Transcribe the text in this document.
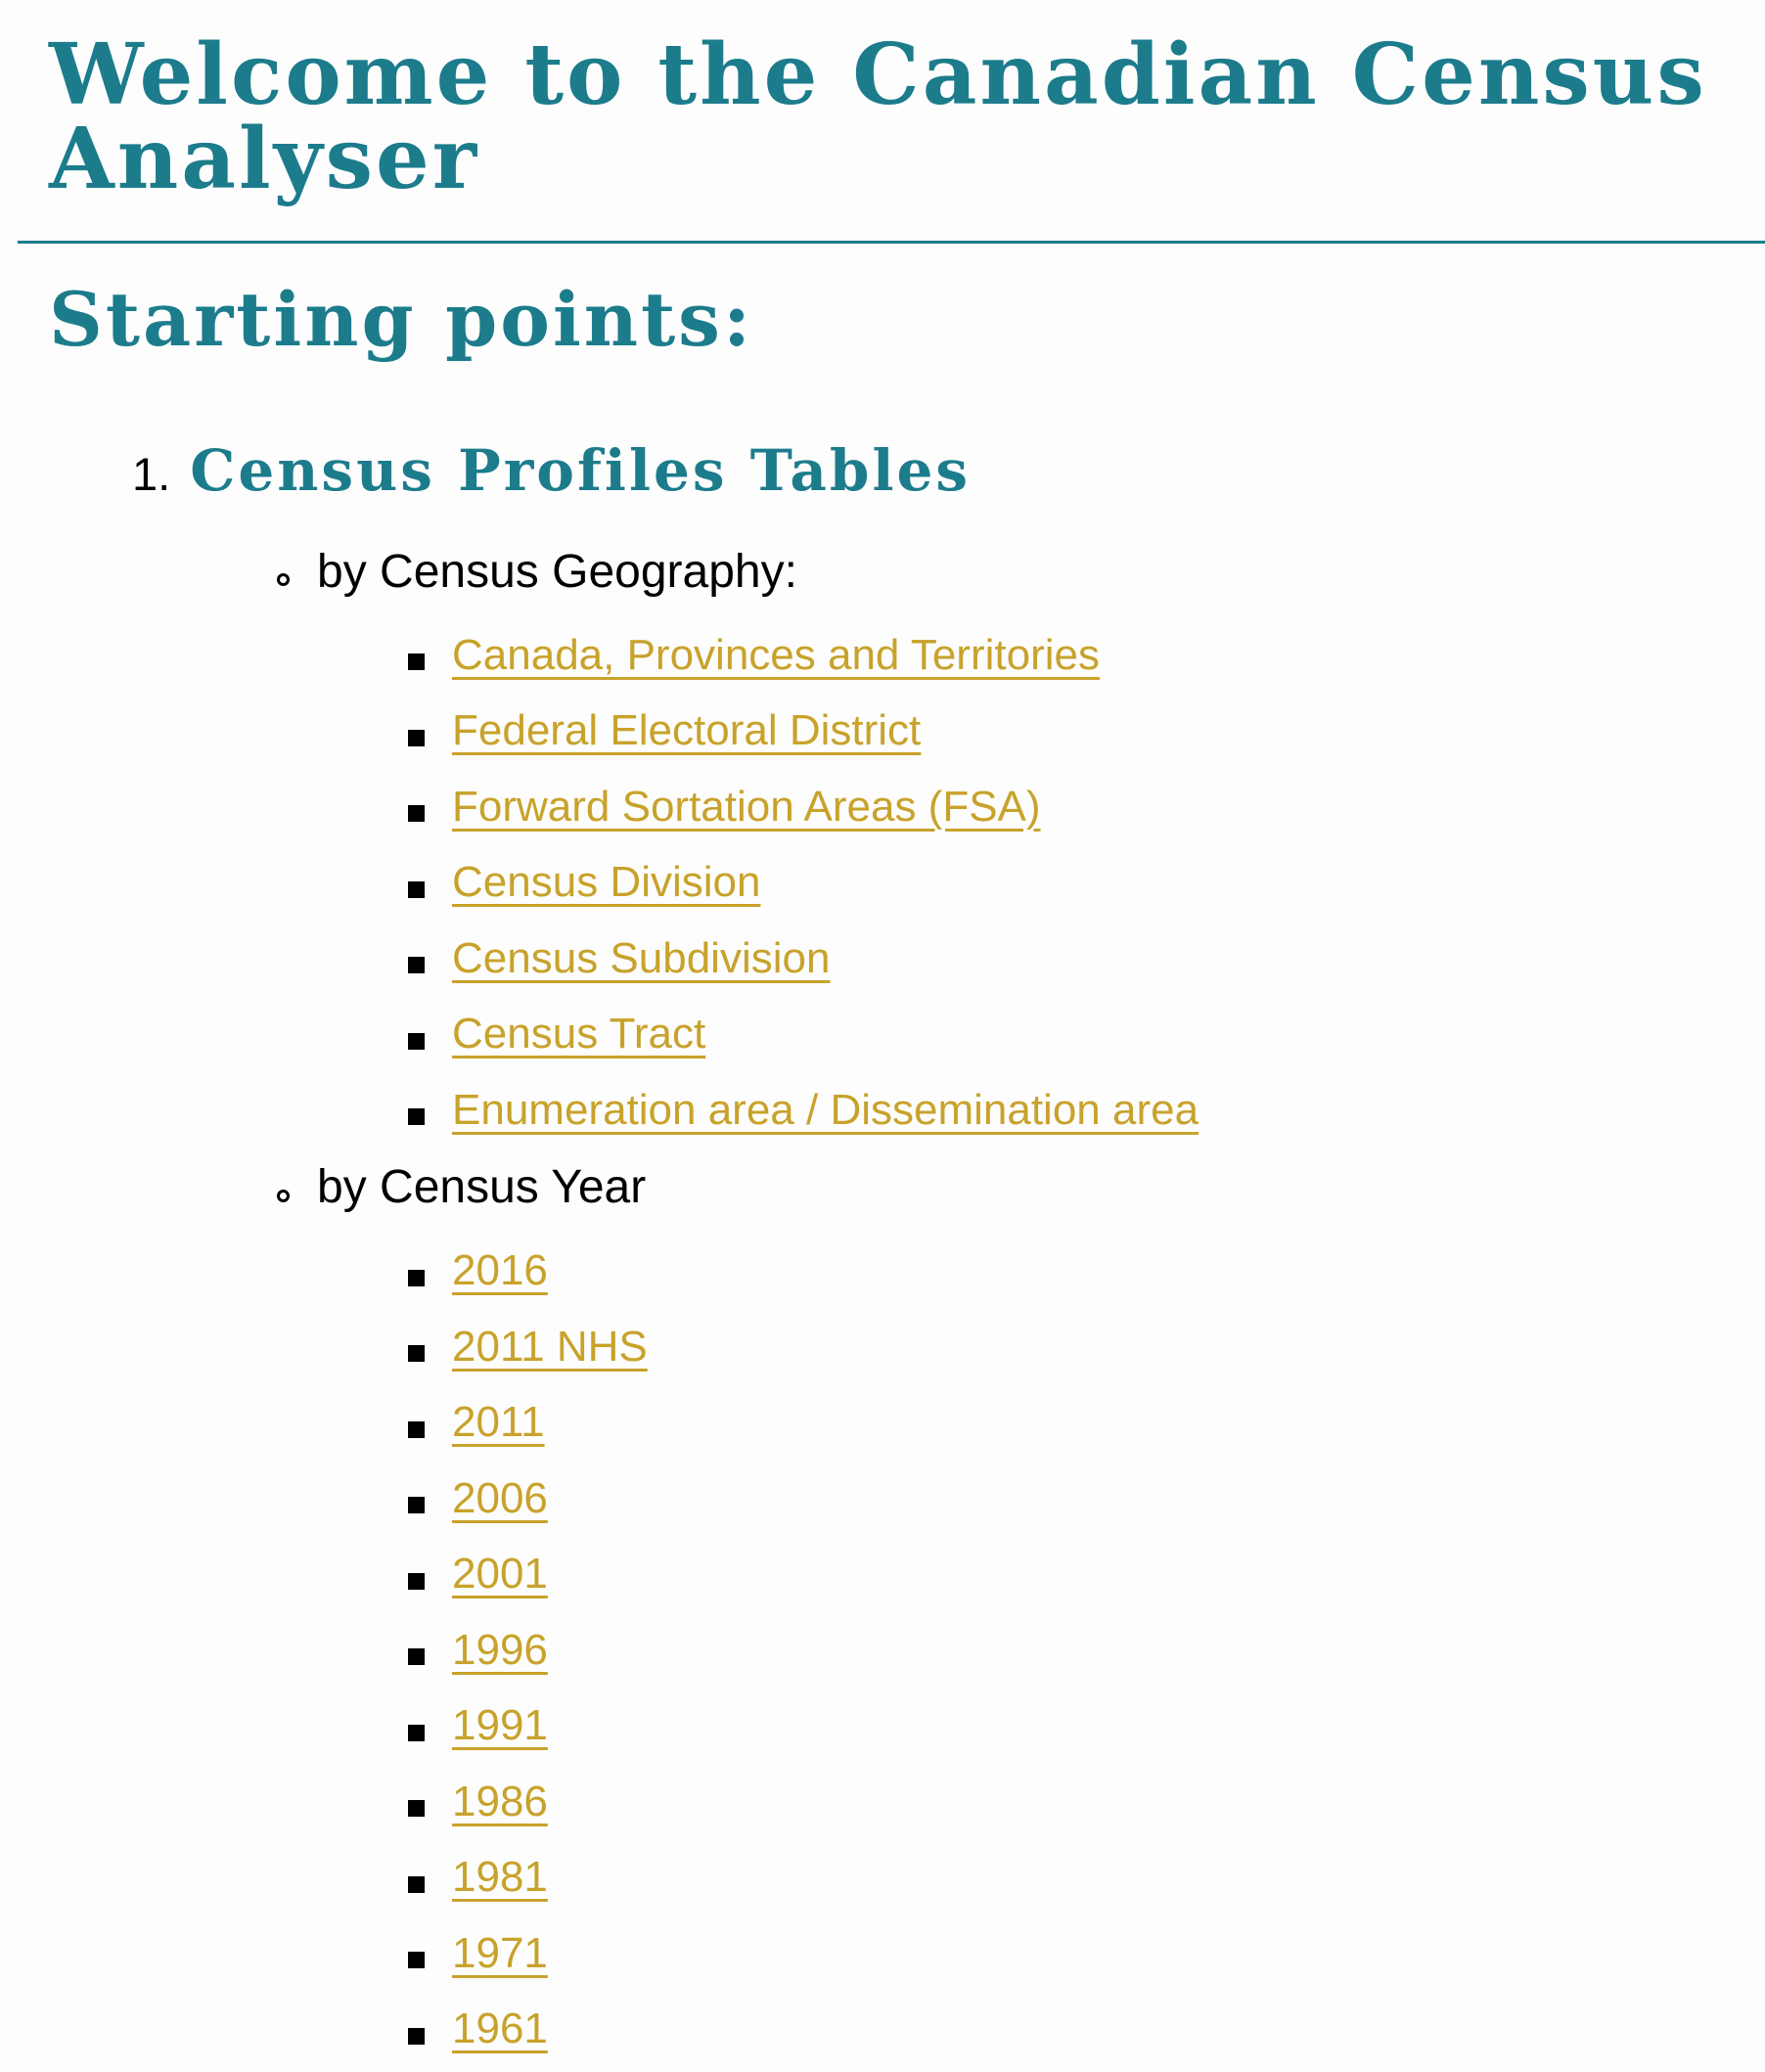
Welcome to the Canadian Census
Analyser
Starting points:
1. Census Profiles Tables
by Census Geography:
Canada, Provinces and Territories
Federal Electoral District
Forward Sortation Areas (FSA)
Census Division
Census Subdivision
Census Tract
Enumeration area / Dissemination area
by Census Year
2016
2011 NHS
2011
2006
2001
1996
1991
1986
1981
1971
1961
